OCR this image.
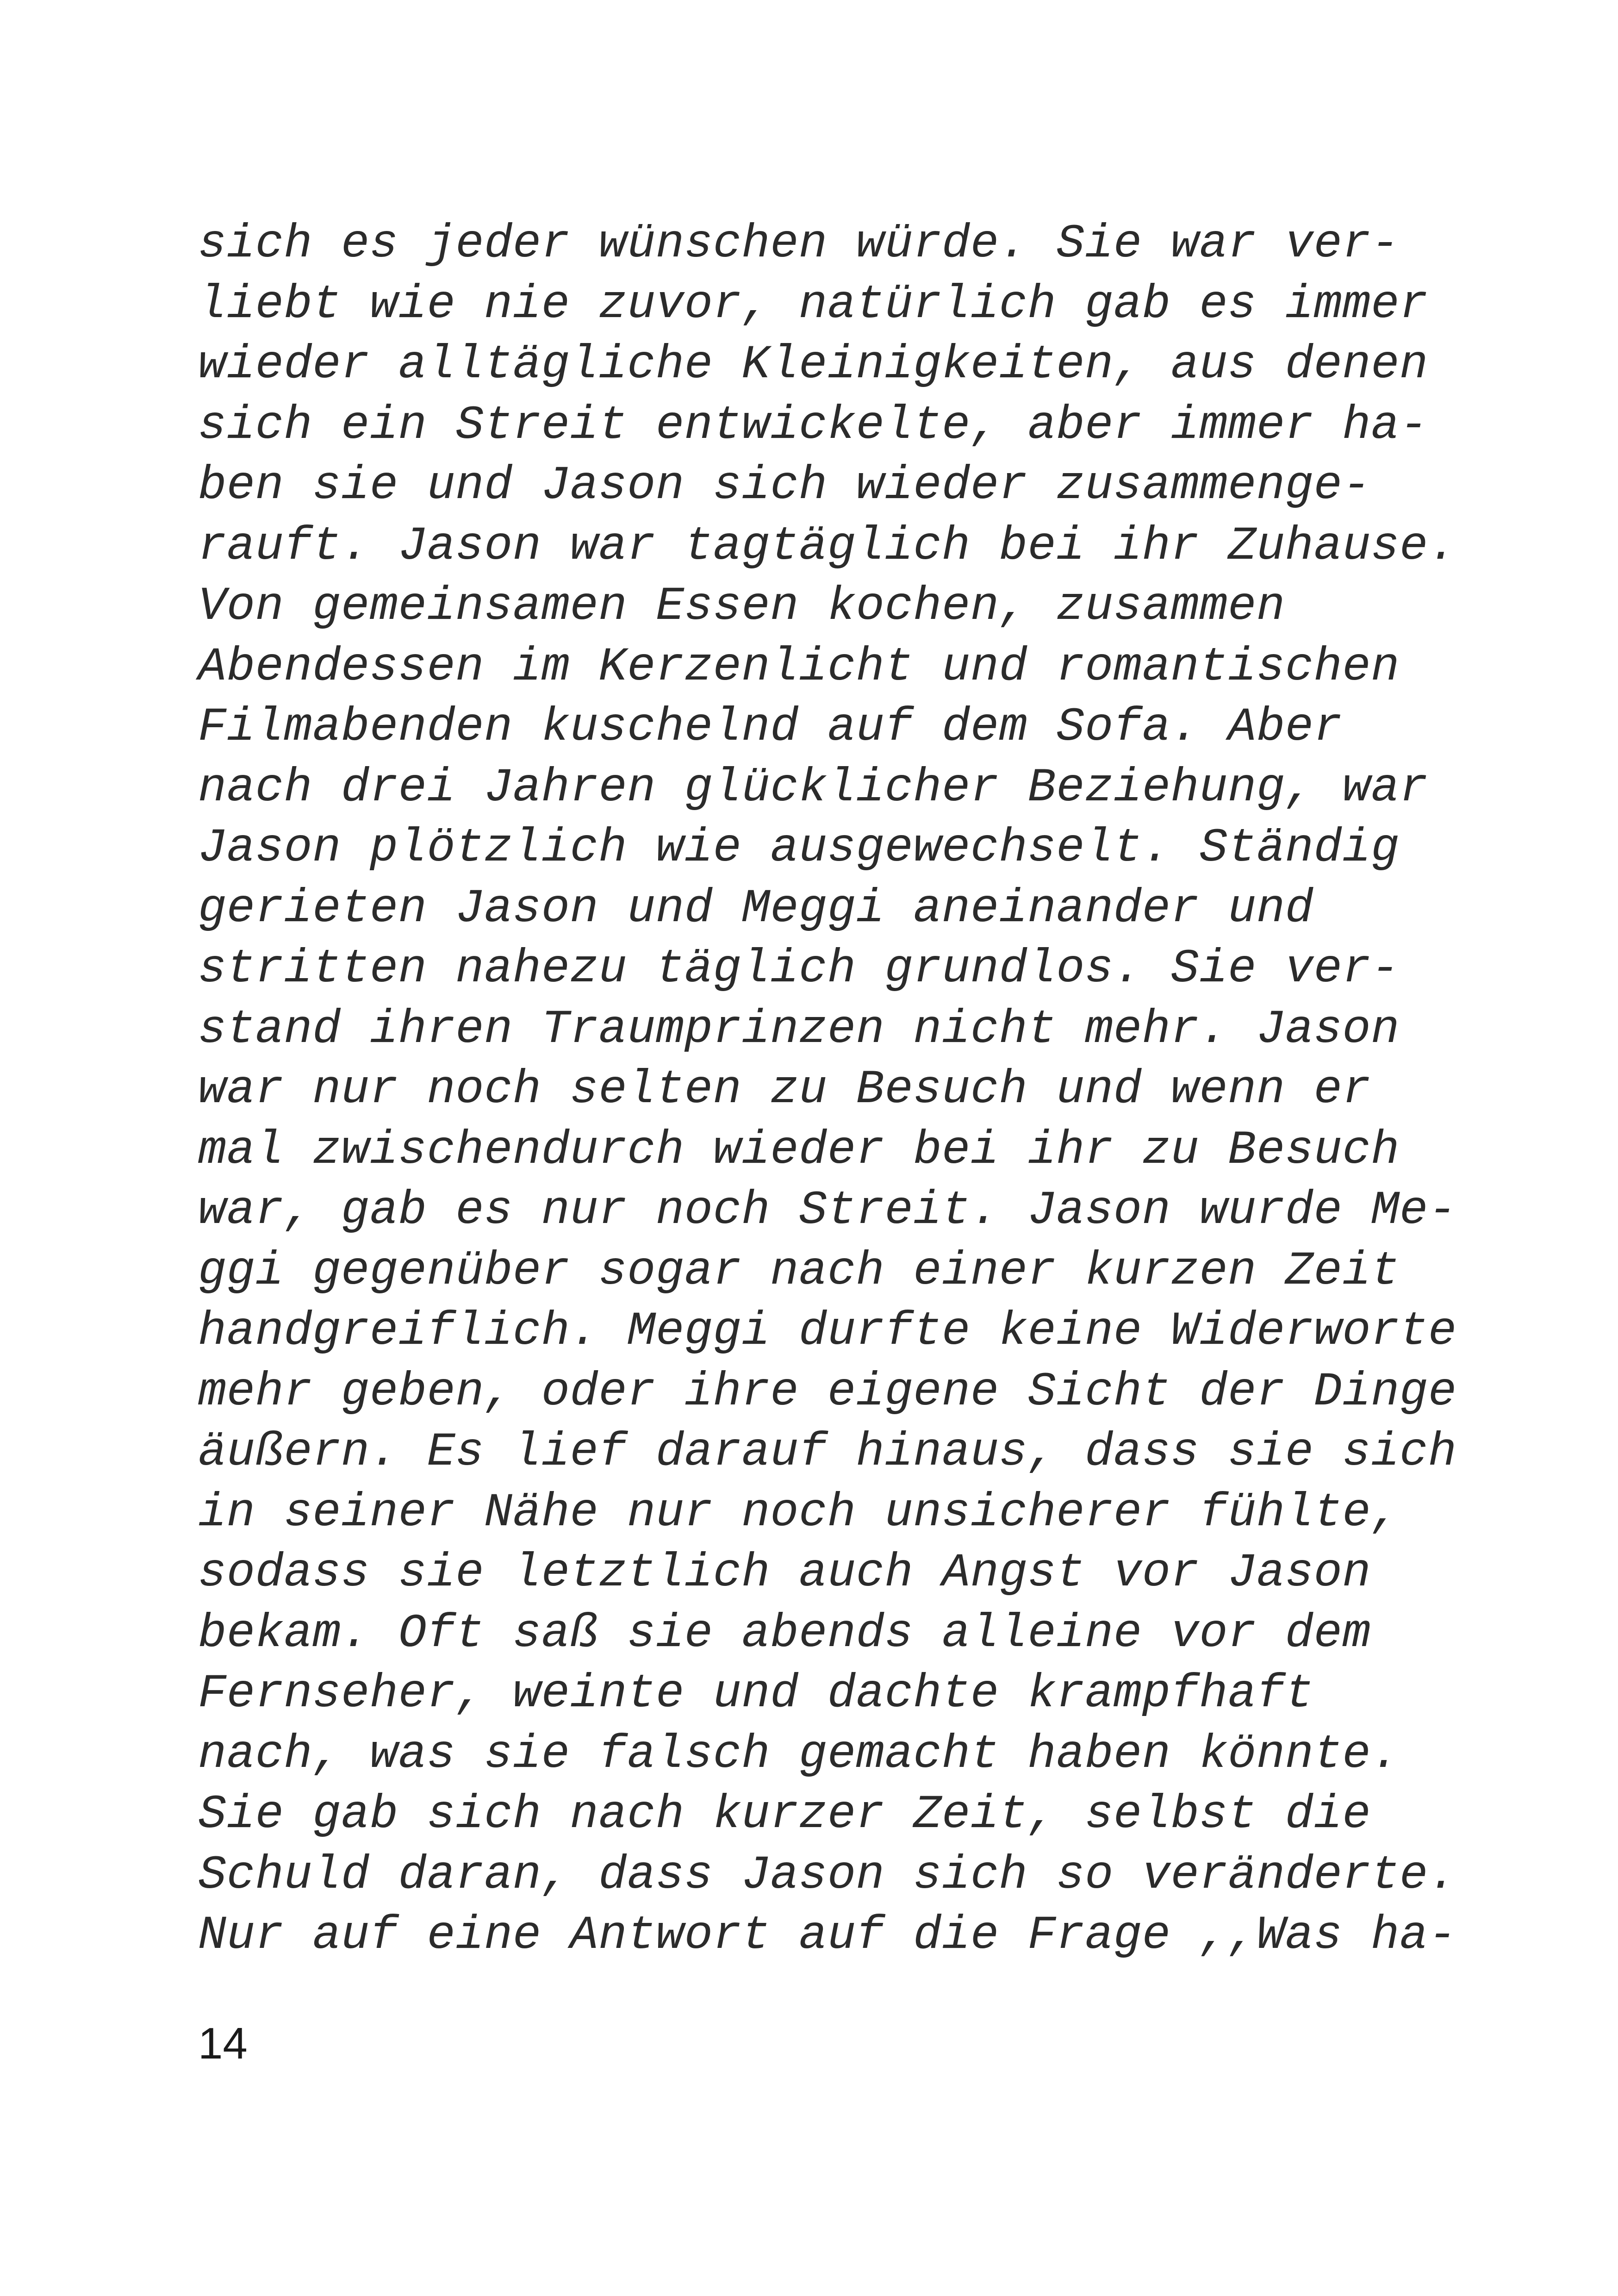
sich es jeder wünschen würde. Sie war ver-
liebt wie nie zuvor, natürlich gab es immer
wieder alltägliche Kleinigkeiten, aus denen
sich ein Streit entwickelte, aber immer ha-
ben sie und Jason sich wieder zusammenge-
rauft. Jason war tagtäglich bei ihr Zuhause.
Von gemeinsamen Essen kochen, zusammen
Abendessen im Kerzenlicht und romantischen
Filmabenden kuschelnd auf dem Sofa. Aber
nach drei Jahren glücklicher Beziehung, war
Jason plötzlich wie ausgewechselt. Ständig
gerieten Jason und Meggi aneinander und
stritten nahezu täglich grundlos. Sie ver-
stand ihren Traumprinzen nicht mehr. Jason
war nur noch selten zu Besuch und wenn er
mal zwischendurch wieder bei ihr zu Besuch
war, gab es nur noch Streit. Jason wurde Me-
ggi gegenüber sogar nach einer kurzen Zeit
handgreiflich. Meggi durfte keine Widerworte
mehr geben, oder ihre eigene Sicht der Dinge
äußern. Es lief darauf hinaus, dass sie sich
in seiner Nähe nur noch unsicherer fühlte,
sodass sie letztlich auch Angst vor Jason
bekam. Oft saß sie abends alleine vor dem
Fernseher, weinte und dachte krampfhaft
nach, was sie falsch gemacht haben könnte.
Sie gab sich nach kurzer Zeit, selbst die
Schuld daran, dass Jason sich so veränderte.
Nur auf eine Antwort auf die Frage ,,Was ha-
14
